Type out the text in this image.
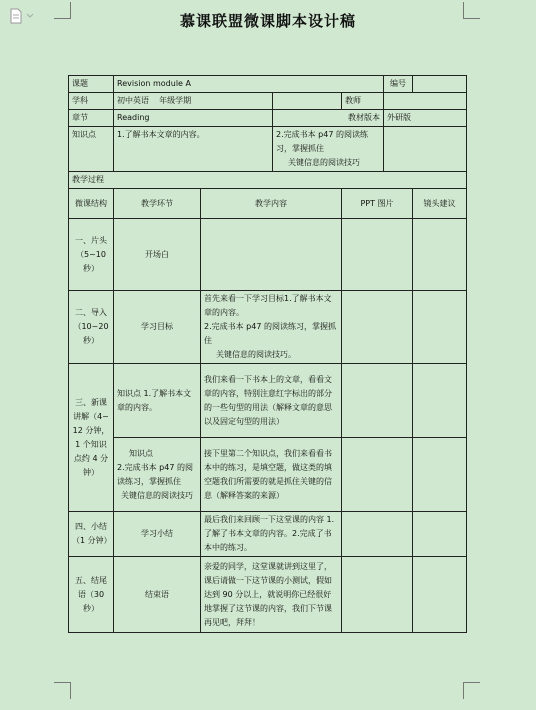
慕课联盟微课脚本设计稿
课题	Revision module A				编号	
学科	初中英语 年级学期			教师		
章节	Reading		教材版本		外研版	
知识点	1.了解书本文章的内容。		2.完成书本 p47 的阅读练习，掌握抓住
关键信息的阅读技巧			

教学过程						
微课结构	教学环节	教学内容		PPT 图片		镜头建议
一、片头（5~10 秒）	开场白					
二、导入（10~20 秒）	学习目标	首先来看一下学习目标1.了解书本文章的内容。
2.完成书本 p47 的阅读练习，掌握抓住
关键信息的阅读技巧。				

三、新课讲解（4~12 分钟，1 个知识点约 4 分钟）	知识点 1.了解书本文章的内容。	我们来看一下书本上的文章，看看文章的内容，特别注意红字标出的部分的一些句型的用法（解释文章的意思以及固定句型的用法）				

	知识点
2.完成书本 p47 的阅读练习，掌握抓住
关键信息的阅读技巧	接下里第二个知识点，我们来看看书本中的练习，是填空题，做这类的填空题我们所需要的就是抓住关键的信息（解释答案的来源）				
四、小结（1 分钟）	学习小结	最后我们来回顾一下这堂课的内容 1.了解了书本文章的内容。2.完成了书本中的练习。				
五、结尾语（30 秒）	结束语	亲爱的同学，这堂课就讲到这里了，课后请做一下这节课的小测试，假如达到 90 分以上，就说明你已经很好地掌握了这节课的内容，我们下节课再见吧，拜拜！				
